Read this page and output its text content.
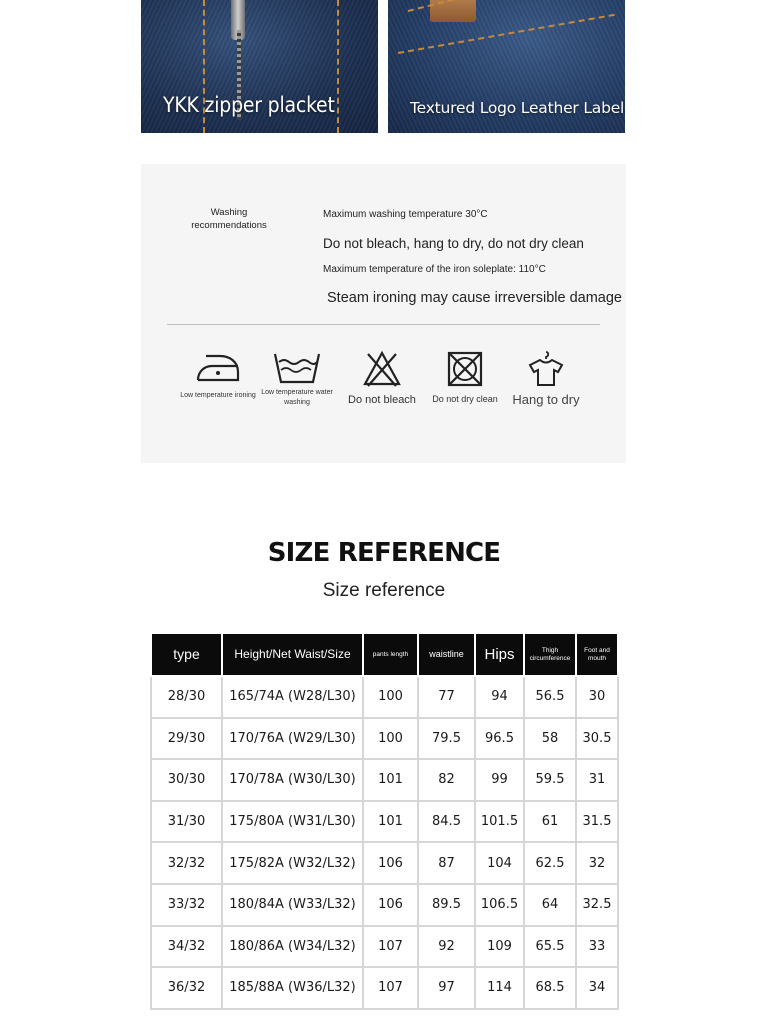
YKK zipper placket	Textured Logo Leather Label
Washing recommendations
Maximum washing temperature 30°C
Do not bleach, hang to dry, do not dry clean
Maximum temperature of the iron soleplate: 110°C
Steam ironing may cause irreversible damage
Low temperature ironing Low temperature water washing	Do not bleach	Do not dry clean Hang to dry
SIZE REFERENCE
Size reference
type	Height/Net Waist/Size	pants length	waistline	Hips	Thigh circumference	Foot and mouth
28/30	165/74A (W28/L30)	100	77	94	56.5	30
29/30	170/76A (W29/L30)	100	79.5	96.5	58	30.5
30/30	170/78A (W30/L30)	101	82	99	59.5	31
31/30	175/80A (W31/L30)	101	84.5	101.5	61	31.5
32/32	175/82A (W32/L32)	106	87	104	62.5	32
33/32	180/84A (W33/L32)	106	89.5	106.5	64	32.5
34/32	180/86A (W34/L32)	107	92	109	65.5	33
36/32	185/88A (W36/L32)	107	97	114	68.5	34
